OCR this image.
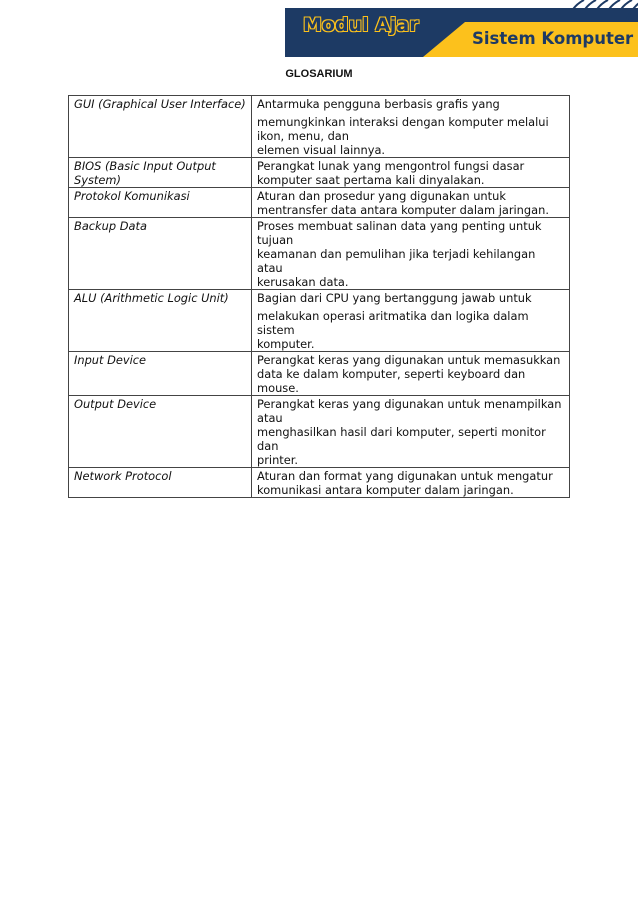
Modul Ajar
Sistem Komputer
GLOSARIUM
GUI (Graphical User Interface)	Antarmuka pengguna berbasis grafis yang
memungkinkan interaksi dengan komputer melalui
ikon, menu, dan
elemen visual lainnya.

BIOS (Basic Input Output System)	Perangkat lunak yang mengontrol fungsi dasar
komputer saat pertama kali dinyalakan.

Protokol Komunikasi	Aturan dan prosedur yang digunakan untuk
mentransfer data antara komputer dalam jaringan.

Backup Data	Proses membuat salinan data yang penting untuk
tujuan
keamanan dan pemulihan jika terjadi kehilangan atau
kerusakan data.

ALU (Arithmetic Logic Unit)	Bagian dari CPU yang bertanggung jawab untuk
melakukan operasi aritmatika dan logika dalam sistem
komputer.

Input Device	Perangkat keras yang digunakan untuk memasukkan
data ke dalam komputer, seperti keyboard dan mouse.

Output Device	Perangkat keras yang digunakan untuk menampilkan
atau
menghasilkan hasil dari komputer, seperti monitor dan
printer.

Network Protocol	Aturan dan format yang digunakan untuk mengatur
komunikasi antara komputer dalam jaringan.
